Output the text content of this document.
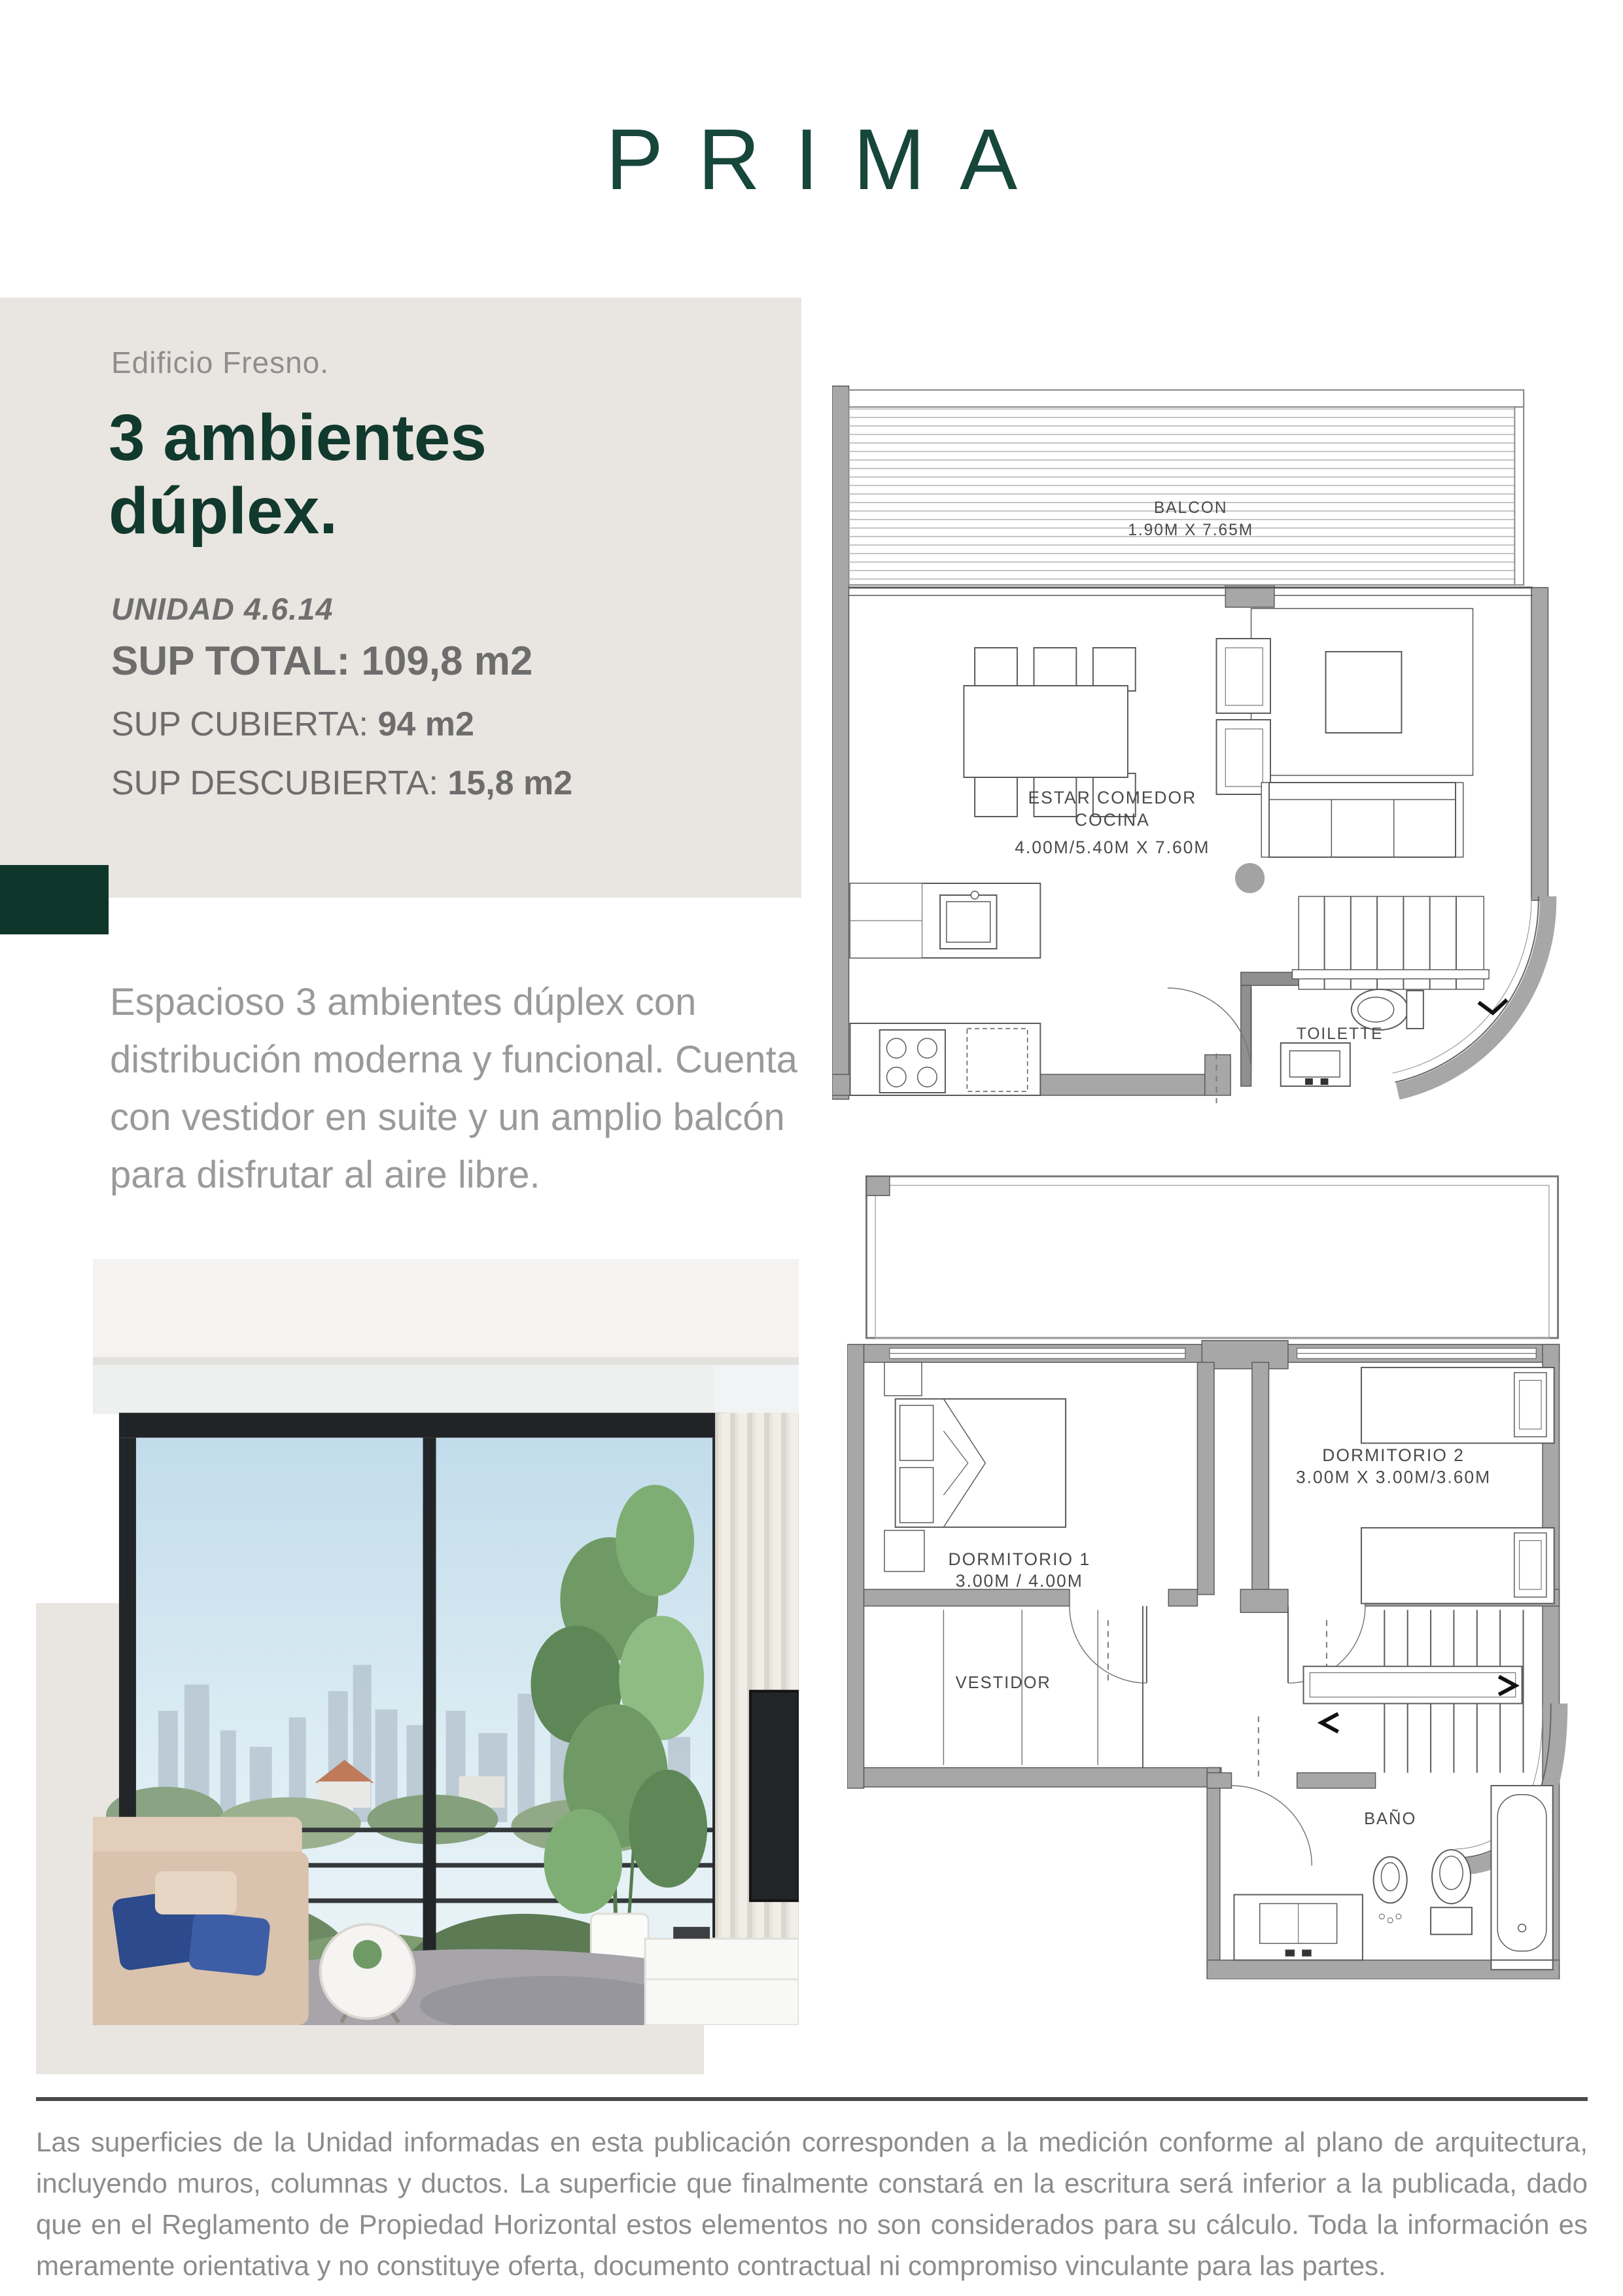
PRIMA
Edificio Fresno.
3 ambientes dúplex.
UNIDAD 4.6.14
SUP TOTAL: 109,8 m2
SUP CUBIERTA: 94 m2
SUP DESCUBIERTA: 15,8 m2
Espacioso 3 ambientes dúplex con distribución moderna y funcional. Cuenta con vestidor en suite y un amplio balcón para disfrutar al aire libre.
BALCON
1.90M X 7.65M
TOILETTE
ESTAR COMEDOR
COCINA
4.00M/5.40M X 7.60M
DORMITORIO 1
3.00M / 4.00M
DORMITORIO 2
3.00M X 3.00M/3.60M
VESTIDOR
BAÑO
Las superficies de la Unidad informadas en esta publicación corresponden a la medición conforme al plano de arquitectura, incluyendo muros, columnas y ductos. La superficie que finalmente constará en la escritura será inferior a la publicada, dado que en el Reglamento de Propiedad Horizontal estos elementos no son considerados para su cálculo. Toda la información es meramente orientativa y no constituye oferta, documento contractual ni compromiso vinculante para las partes.
